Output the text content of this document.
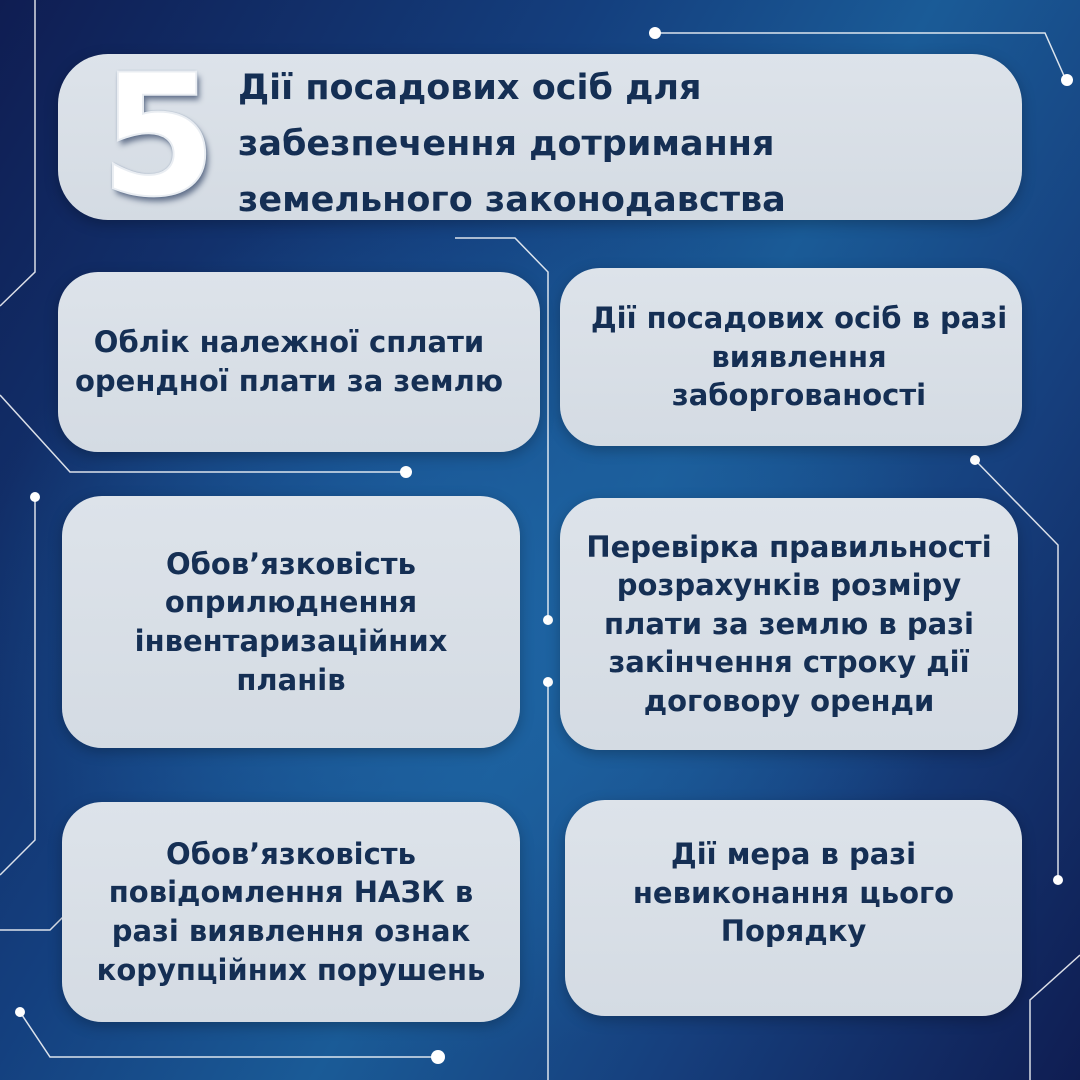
5 Дії посадових осіб для
забезпечення дотримання
земельного законодавства
Облік належної сплати
орендної плати за землю
Дії посадових осіб в разі
виявлення
заборгованості
Обов’язковість
оприлюднення
інвентаризаційних
планів
Перевірка правильності
розрахунків розміру
плати за землю в разі
закінчення строку дії
договору оренди
Обов’язковість
повідомлення НАЗК в
разі виявлення ознак
корупційних порушень
Дії мера в разі
невиконання цього
Порядку
